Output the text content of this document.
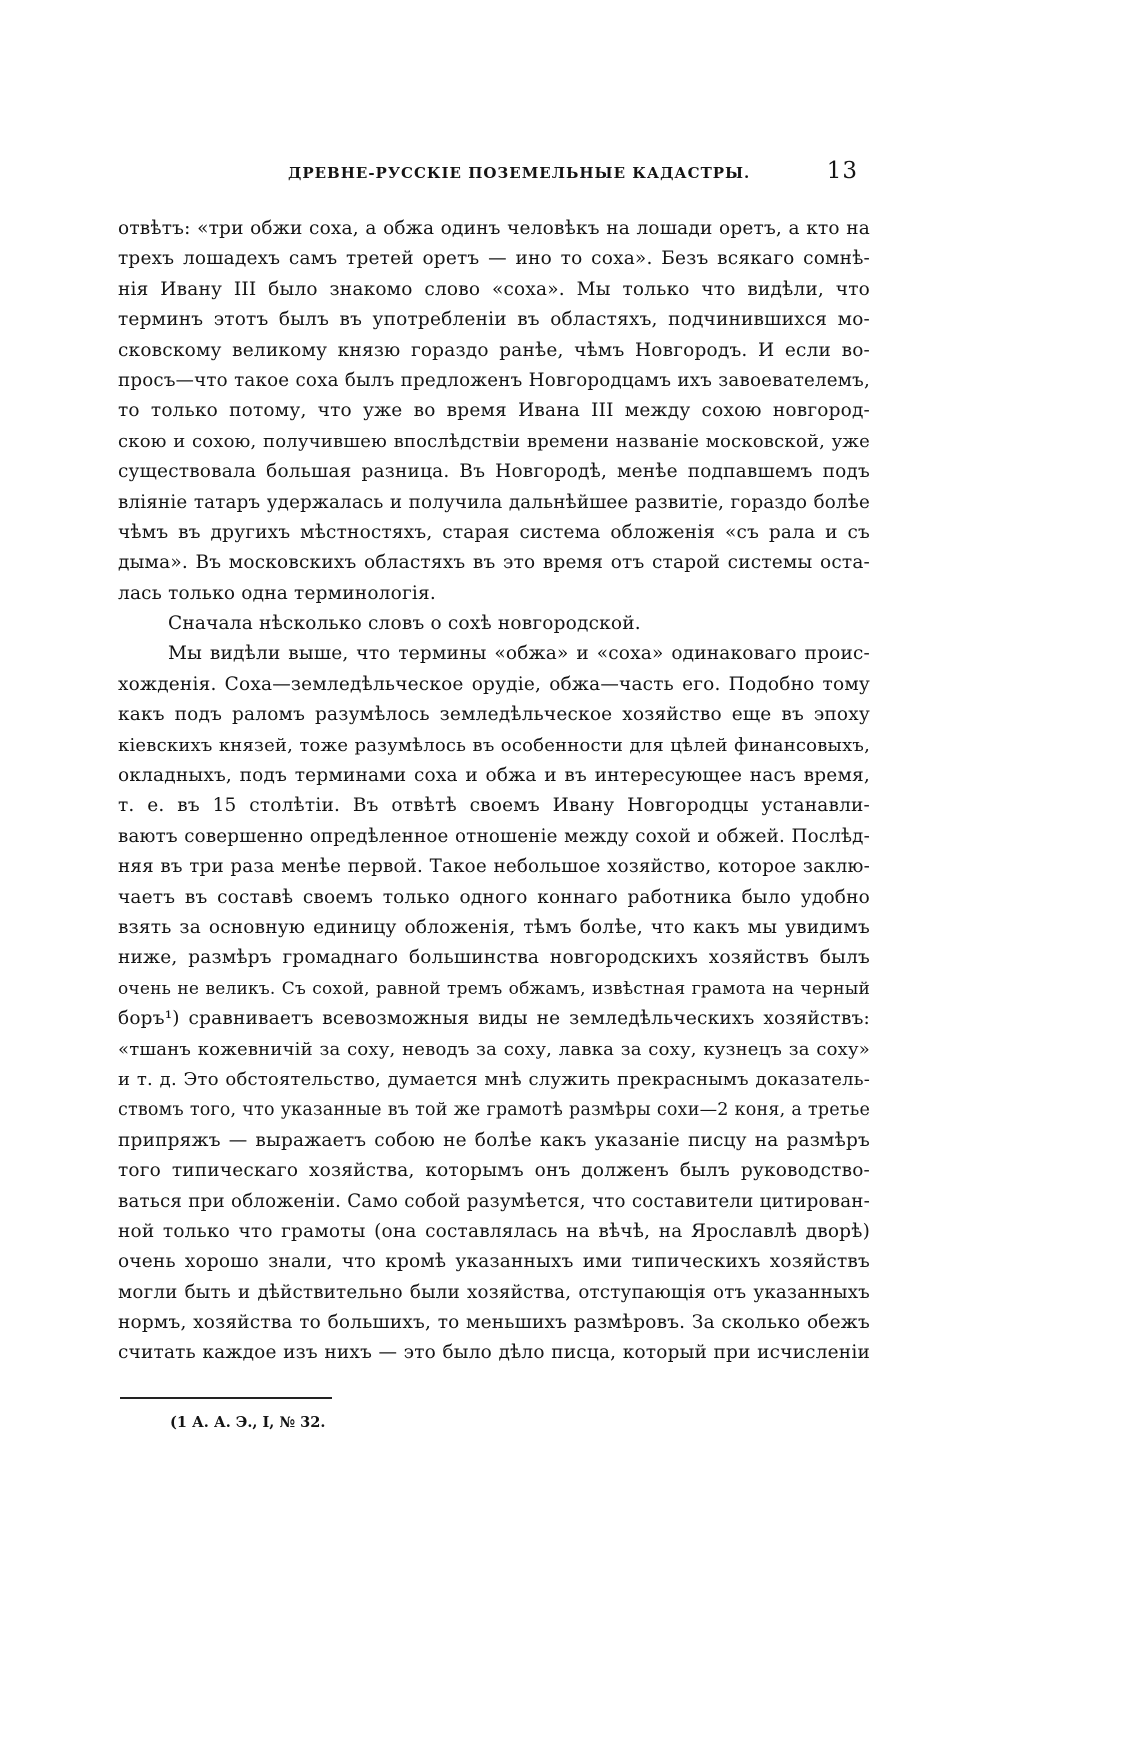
ДРЕВНЕ-РУССКІЕ ПОЗЕМЕЛЬНЫЕ КАДАСТРЫ.	13
отвѣтъ: «три обжи соха, а обжа одинъ человѣкъ на лошади оретъ, а кто на
трехъ лошадехъ самъ третей оретъ — ино то соха». Безъ всякаго сомнѣ-
нія Ивану III было знакомо слово «соха». Мы только что видѣли, что
терминъ этотъ былъ въ употребленіи въ областяхъ, подчинившихся мо-
сковскому великому князю гораздо ранѣе, чѣмъ Новгородъ. И если во-
просъ—что такое соха былъ предложенъ Новгородцамъ ихъ завоевателемъ,
то только потому, что уже во время Ивана III между сохою новгород-
скою и сохою, получившею впослѣдствіи времени названіе московской, уже
существовала большая разница. Въ Новгородѣ, менѣе подпавшемъ подъ
вліяніе татаръ удержалась и получила дальнѣйшее развитіе, гораздо болѣе
чѣмъ въ другихъ мѣстностяхъ, старая система обложенія «съ рала и съ
дыма». Въ московскихъ областяхъ въ это время отъ старой системы оста-
лась только одна терминологія.
Сначала нѣсколько словъ о сохѣ новгородской.
Мы видѣли выше, что термины «обжа» и «соха» одинаковаго проис-
хожденія. Соха—земледѣльческое орудіе, обжа—часть его. Подобно тому
какъ подъ раломъ разумѣлось земледѣльческое хозяйство еще въ эпоху
кіевскихъ князей, тоже разумѣлось въ особенности для цѣлей финансовыхъ,
окладныхъ, подъ терминами соха и обжа и въ интересующее насъ время,
т. е. въ 15 столѣтіи. Въ отвѣтѣ своемъ Ивану Новгородцы устанавли-
ваютъ совершенно опредѣленное отношеніе между сохой и обжей. Послѣд-
няя въ три раза менѣе первой. Такое небольшое хозяйство, которое заклю-
чаетъ въ составѣ своемъ только одного коннаго работника было удобно
взять за основную единицу обложенія, тѣмъ болѣе, что какъ мы увидимъ
ниже, размѣръ громаднаго большинства новгородскихъ хозяйствъ былъ
очень не великъ. Съ сохой, равной тремъ обжамъ, извѣстная грамота на черный
боръ¹) сравниваетъ всевозможныя виды не земледѣльческихъ хозяйствъ:
«тшанъ кожевничій за соху, неводъ за соху, лавка за соху, кузнецъ за соху»
и т. д. Это обстоятельство, думается мнѣ служить прекраснымъ доказатель-
ствомъ того, что указанные въ той же грамотѣ размѣры сохи—2 коня, а третье
припряжъ — выражаетъ собою не болѣе какъ указаніе писцу на размѣръ
того типическаго хозяйства, которымъ онъ долженъ былъ руководство-
ваться при обложеніи. Само собой разумѣется, что составители цитирован-
ной только что грамоты (она составлялась на вѣчѣ, на Ярославлѣ дворѣ)
очень хорошо знали, что кромѣ указанныхъ ими типическихъ хозяйствъ
могли быть и дѣйствительно были хозяйства, отступающія отъ указанныхъ
нормъ, хозяйства то большихъ, то меньшихъ размѣровъ. За сколько обежъ
считать каждое изъ нихъ — это было дѣло писца, который при исчисленіи
(1 А. А. Э., I, № 32.
